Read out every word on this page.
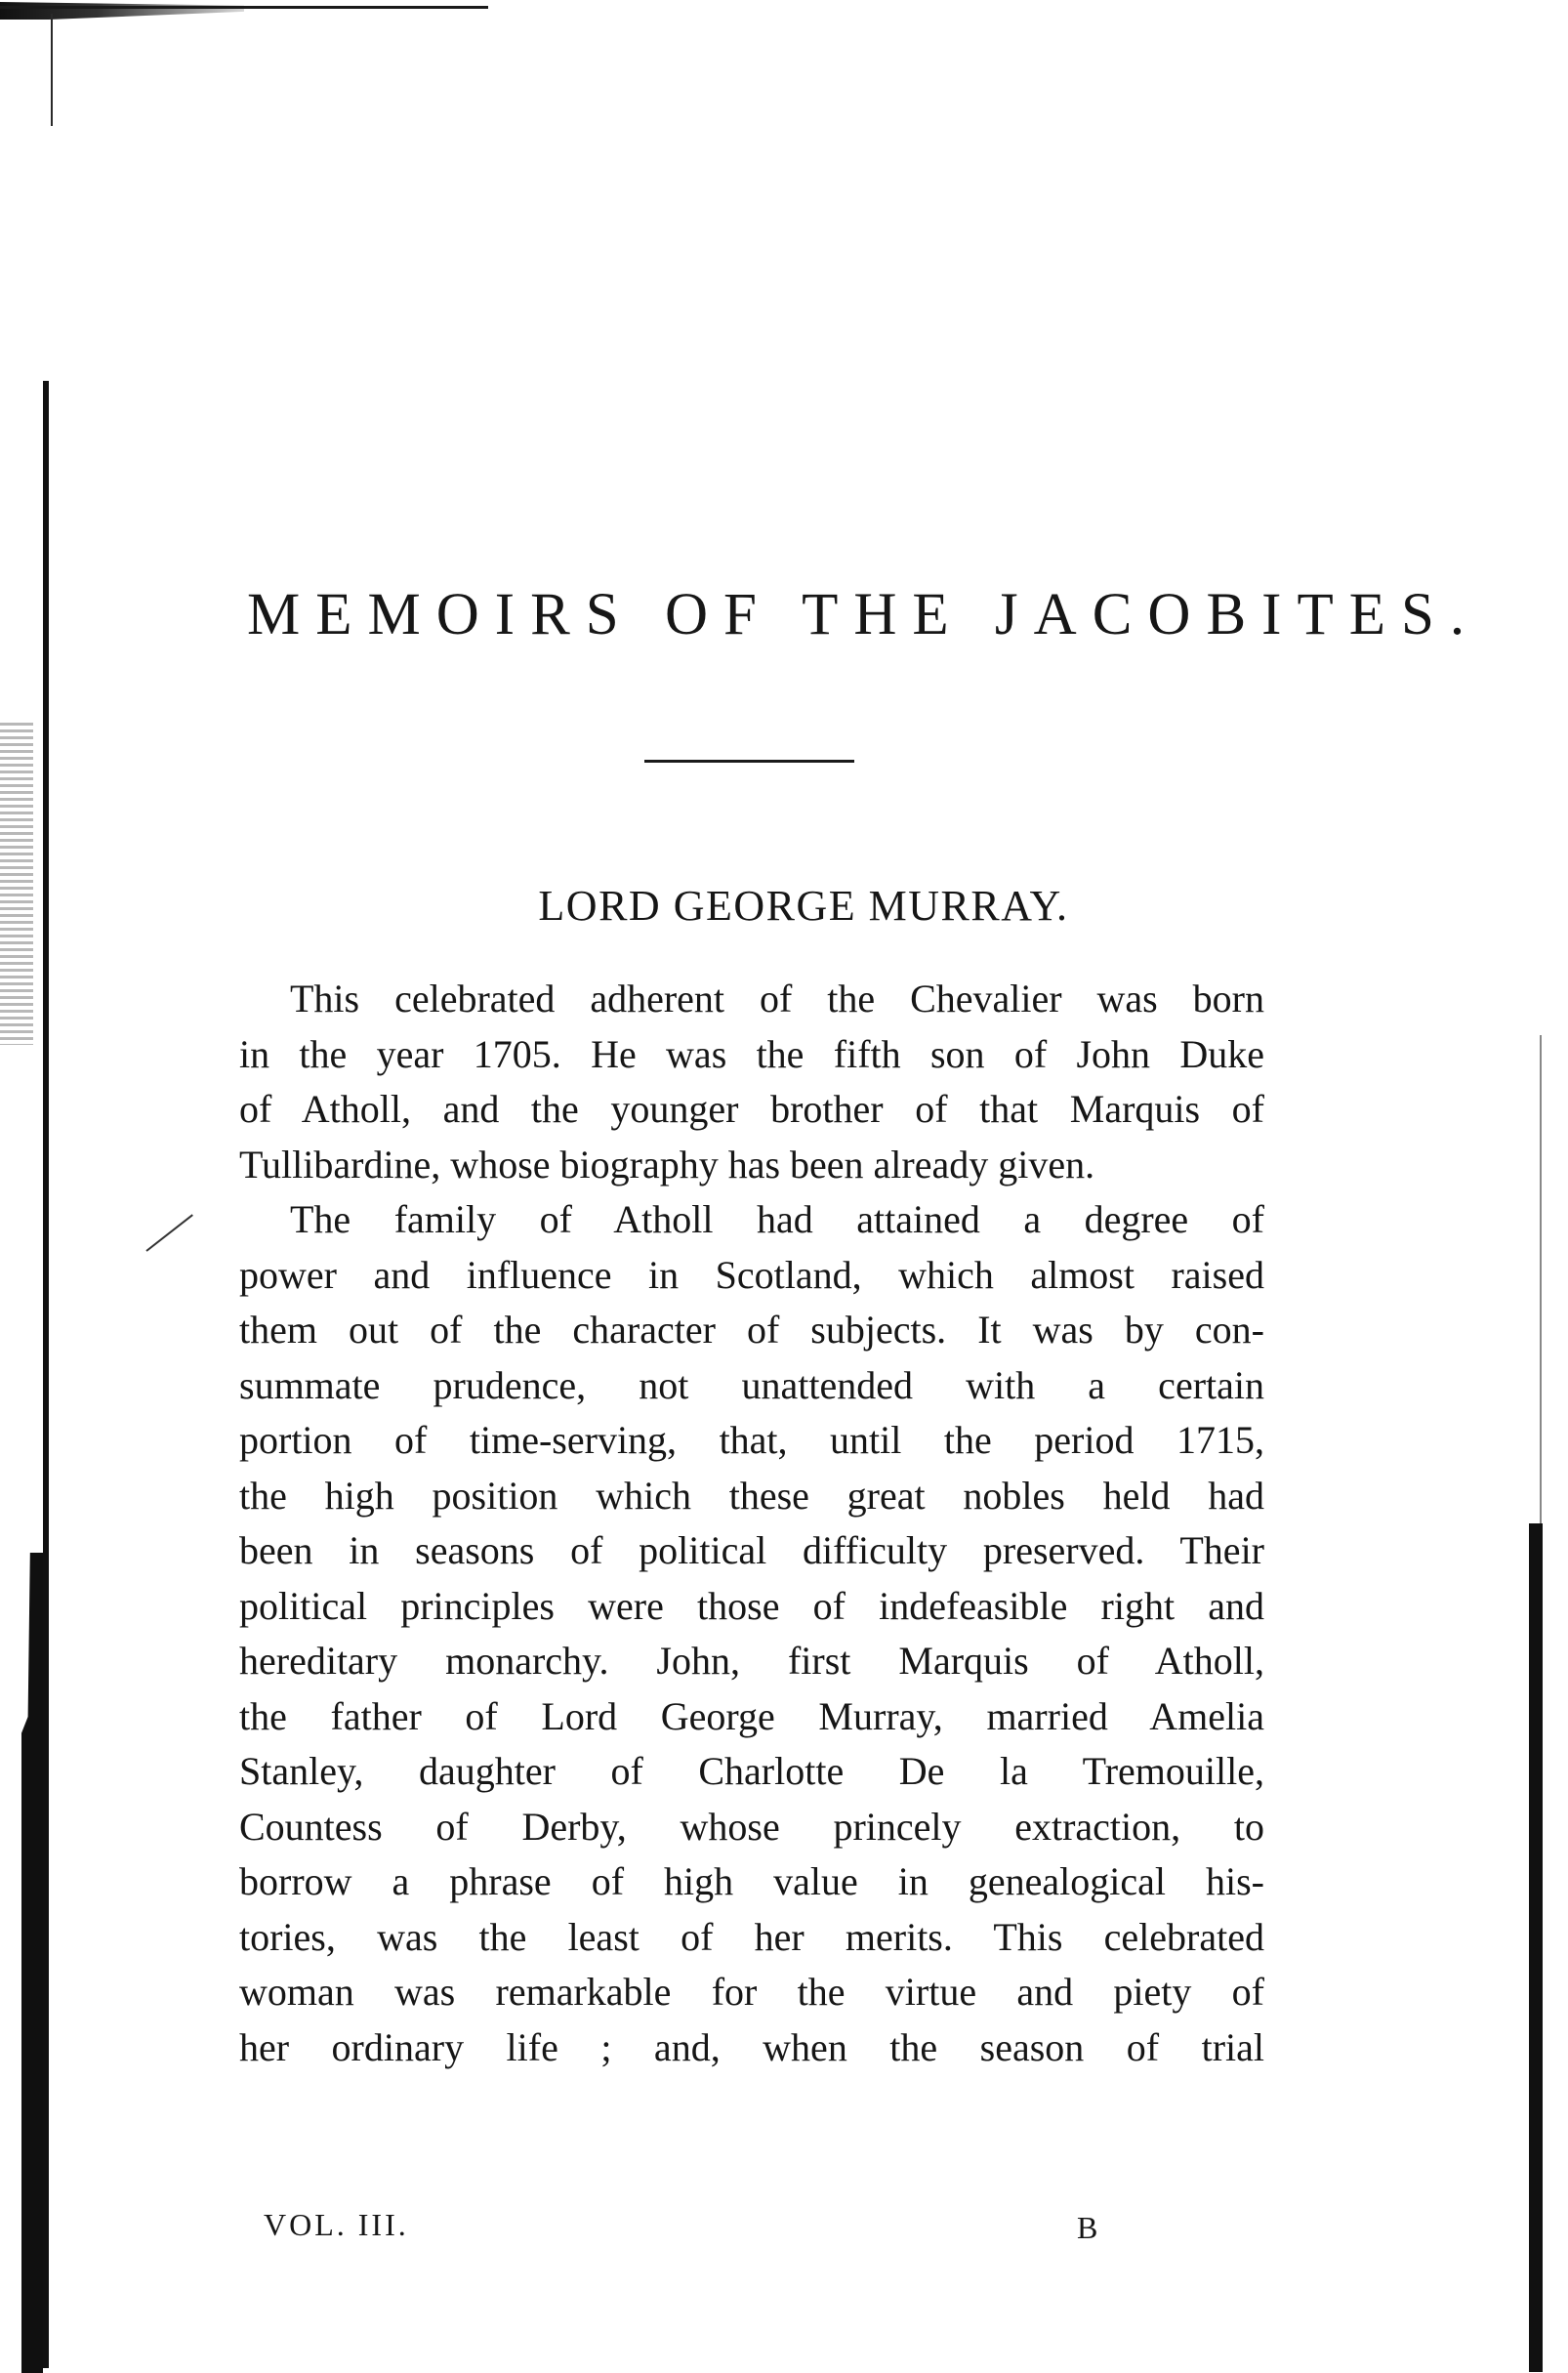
MEMOIRS OF THE JACOBITES.
LORD GEORGE MURRAY.
This celebrated adherent of the Chevalier was born
in the year 1705. He was the fifth son of John Duke
of Atholl, and the younger brother of that Marquis of
Tullibardine, whose biography has been already given.
The family of Atholl had attained a degree of
power and influence in Scotland, which almost raised
them out of the character of subjects. It was by con-
summate prudence, not unattended with a certain
portion of time-serving, that, until the period 1715,
the high position which these great nobles held had
been in seasons of political difficulty preserved. Their
political principles were those of indefeasible right and
hereditary monarchy. John, first Marquis of Atholl,
the father of Lord George Murray, married Amelia
Stanley, daughter of Charlotte De la Tremouille,
Countess of Derby, whose princely extraction, to
borrow a phrase of high value in genealogical his-
tories, was the least of her merits. This celebrated
woman was remarkable for the virtue and piety of
her ordinary life ; and, when the season of trial
VOL. III.	B
